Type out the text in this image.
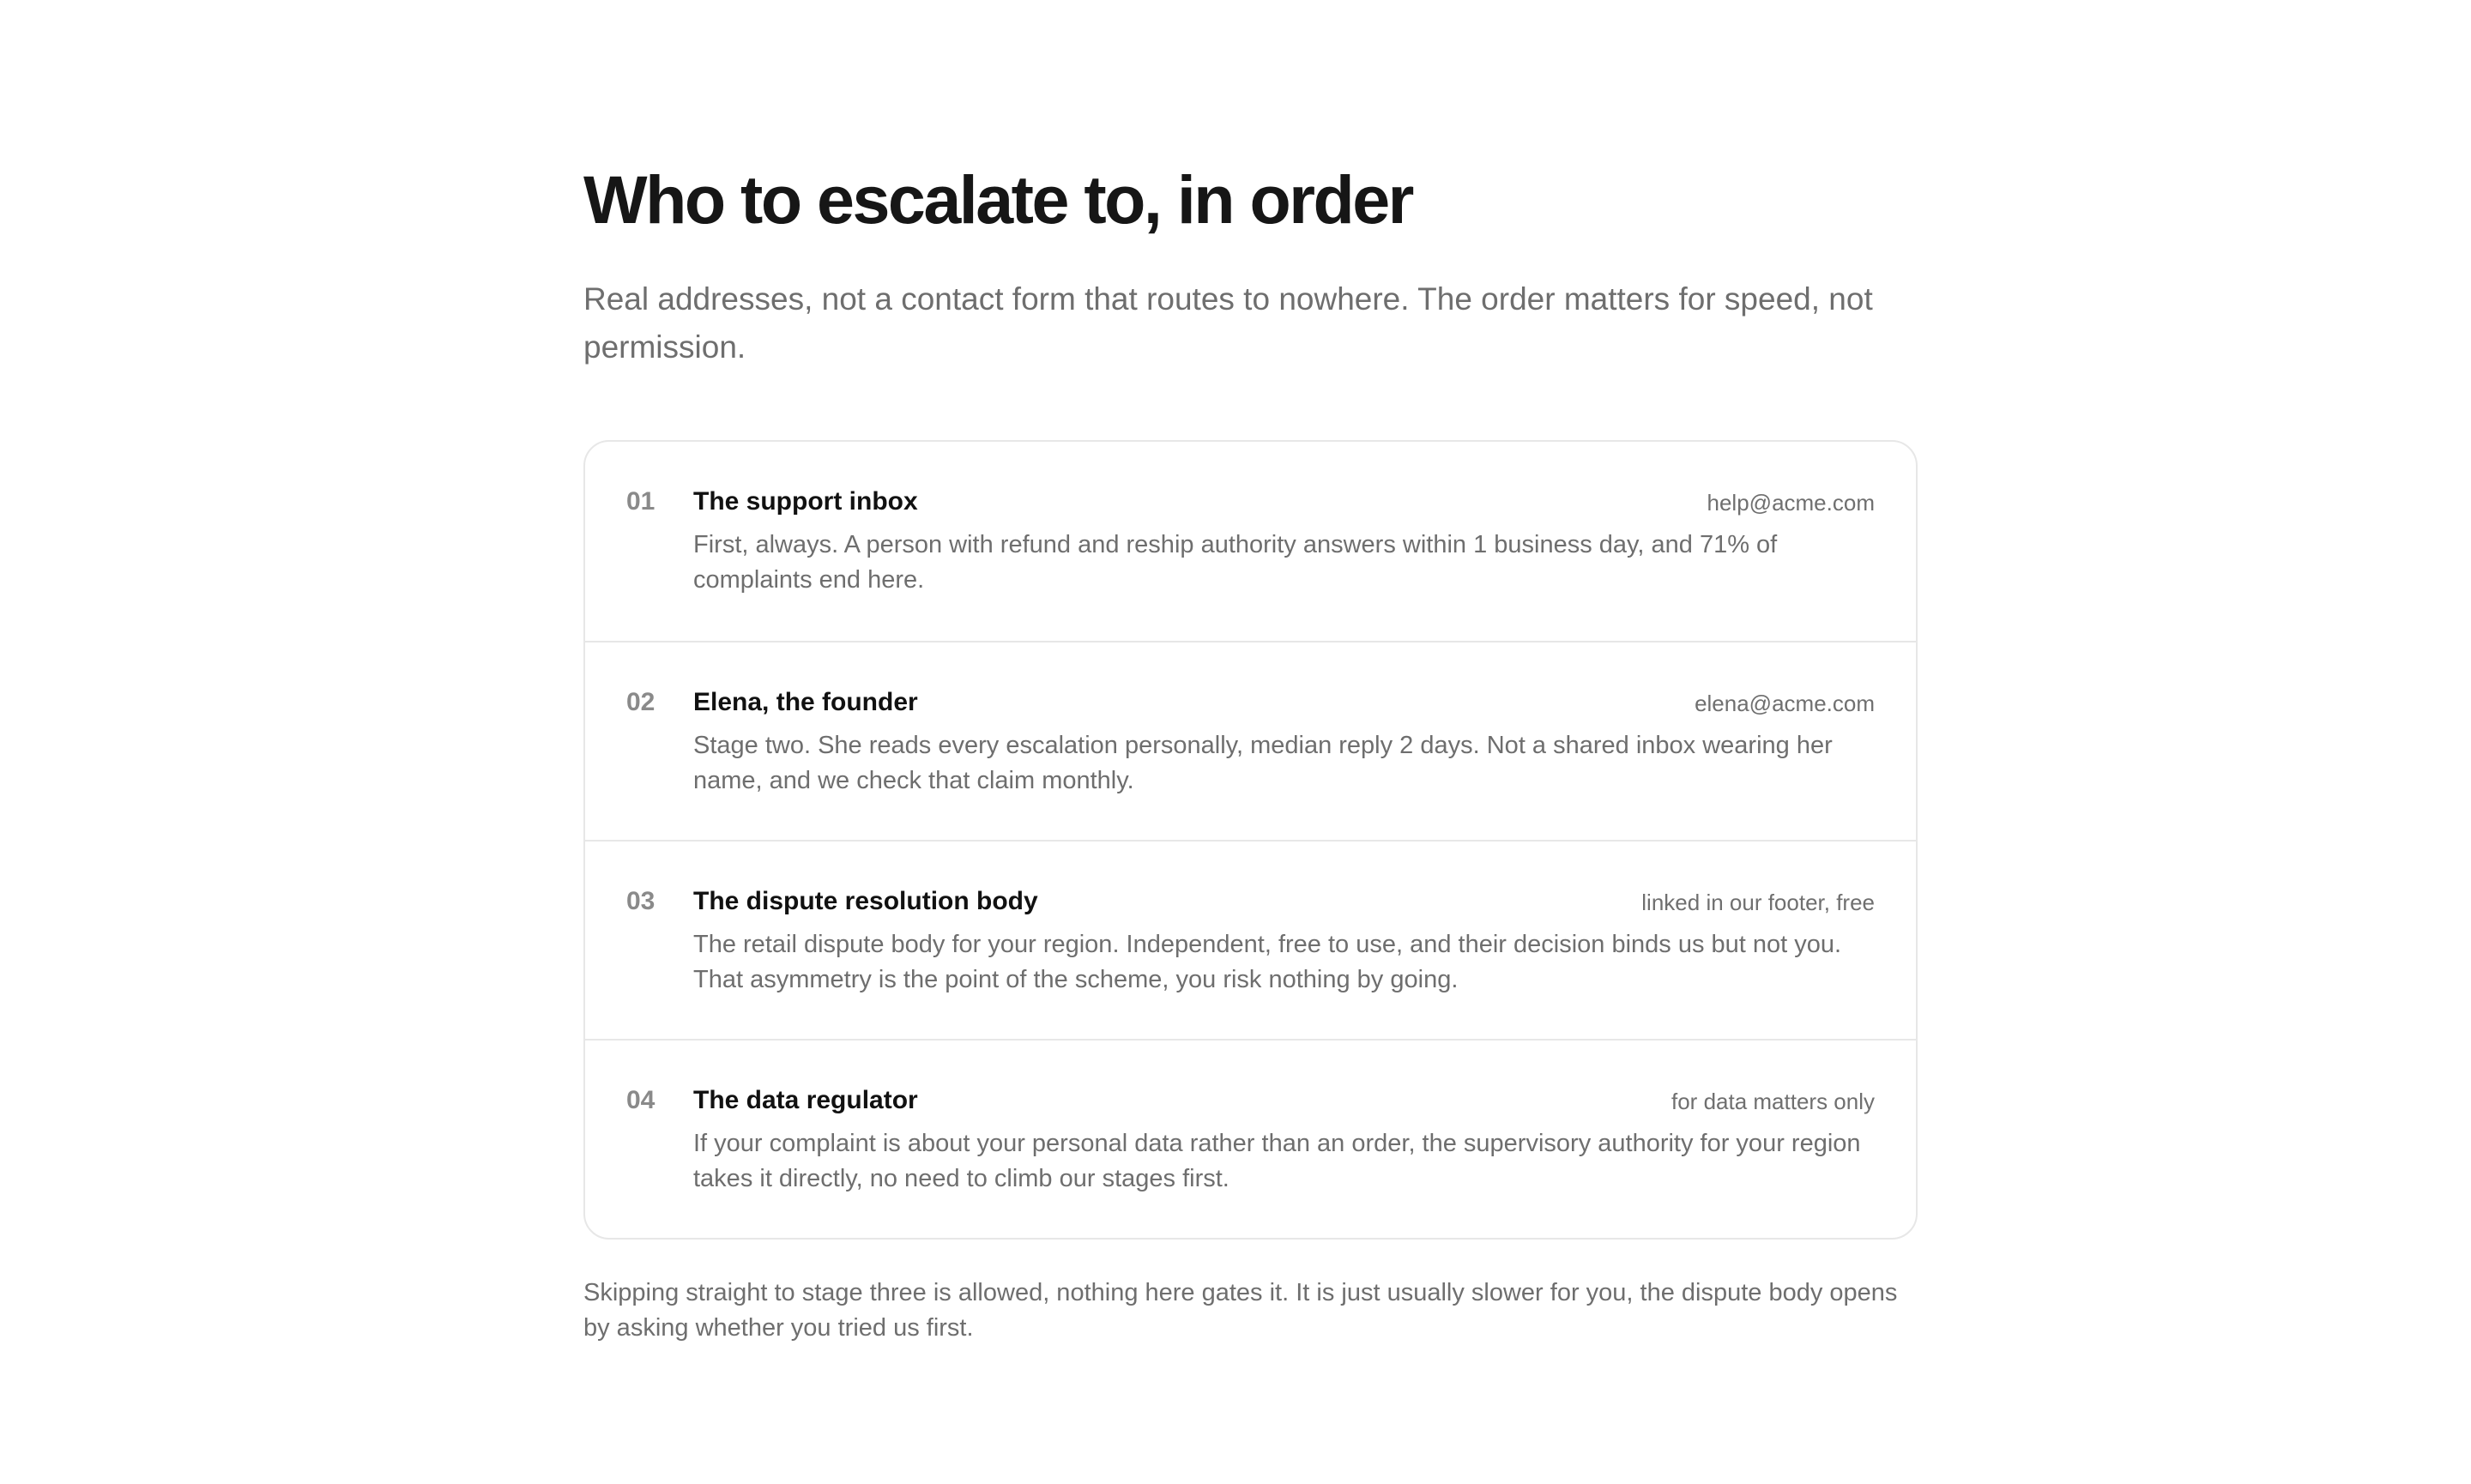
Who to escalate to, in order

Real addresses, not a contact form that routes to nowhere. The order matters for speed, not permission.

01 The support inbox	help@acme.com
First, always. A person with refund and reship authority answers within 1 business day, and 71% of complaints end here.
02 Elena, the founder	elena@acme.com
Stage two. She reads every escalation personally, median reply 2 days. Not a shared inbox wearing her name, and we check that claim monthly.
03 The dispute resolution body	linked in our footer, free
The retail dispute body for your region. Independent, free to use, and their decision binds us but not you. That asymmetry is the point of the scheme, you risk nothing by going.
04 The data regulator	for data matters only
If your complaint is about your personal data rather than an order, the supervisory authority for your region takes it directly, no need to climb our stages first.

Skipping straight to stage three is allowed, nothing here gates it. It is just usually slower for you, the dispute body opens by asking whether you tried us first.
